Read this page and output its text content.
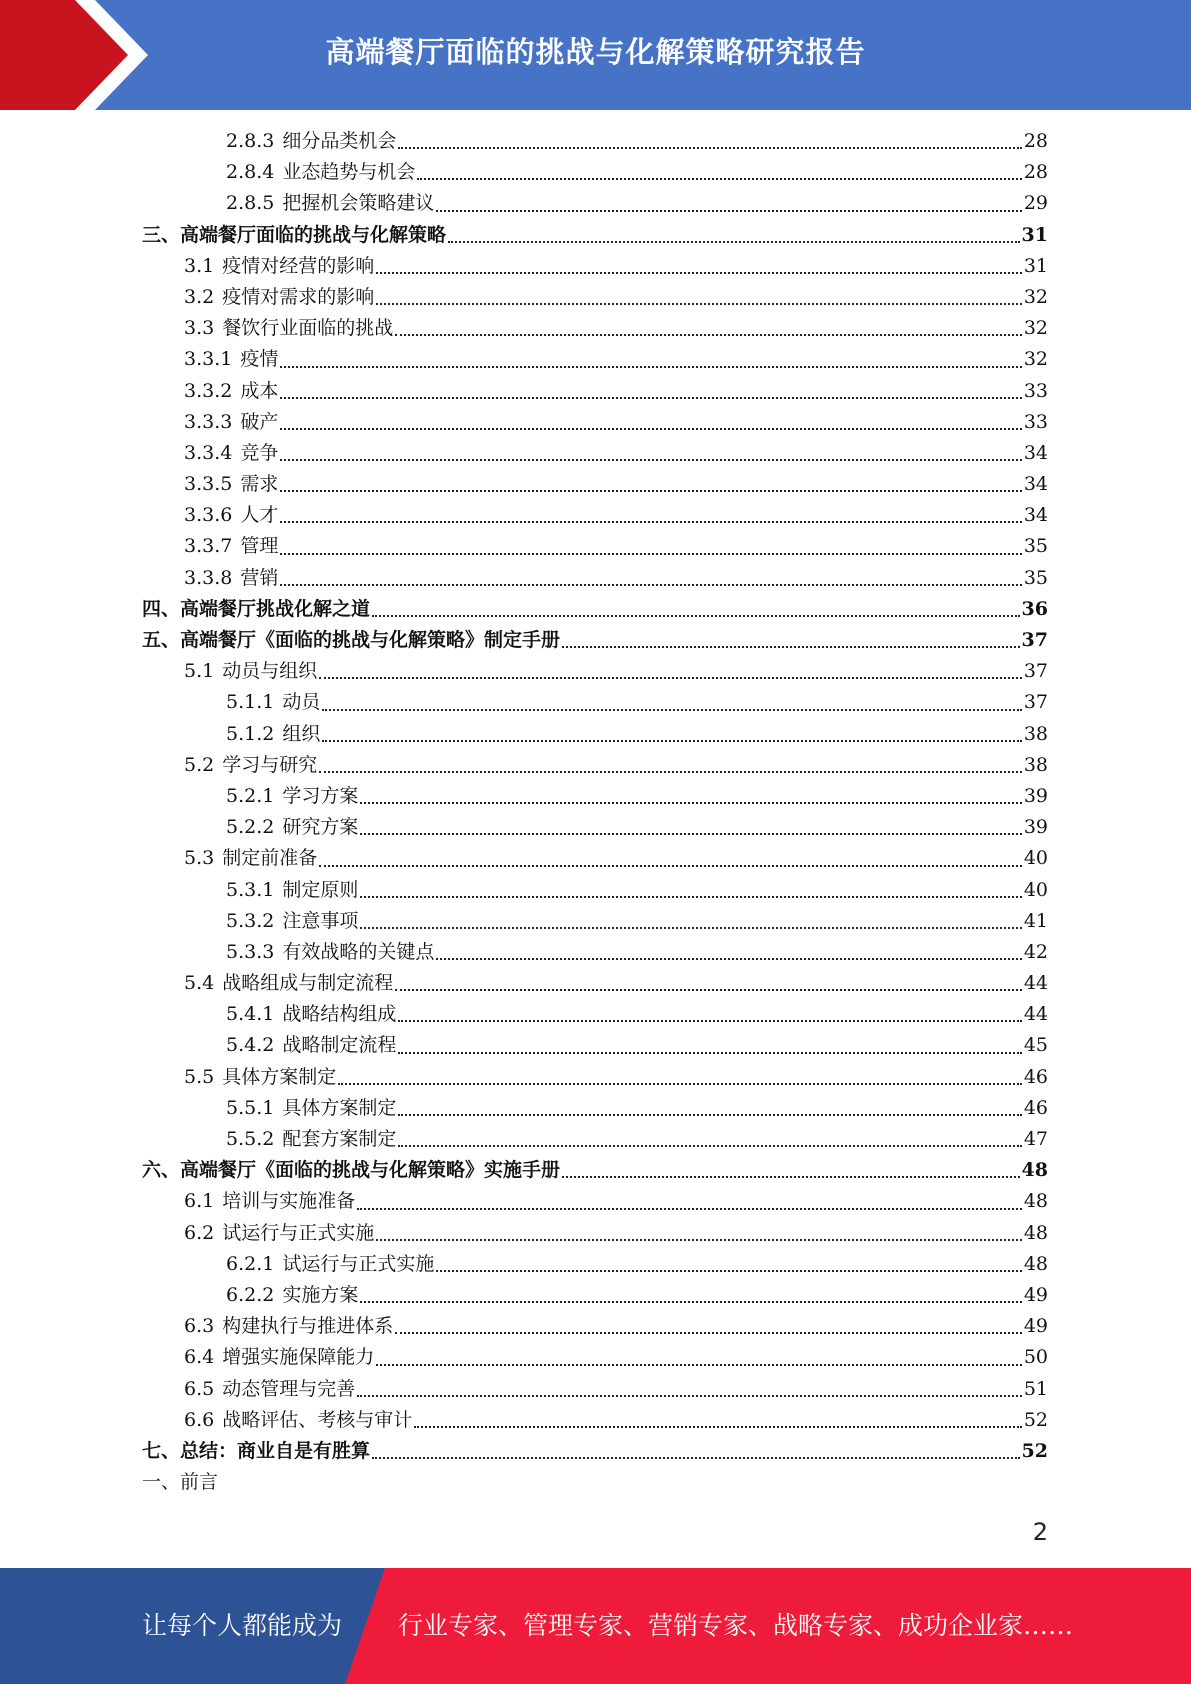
高端餐厅面临的挑战与化解策略研究报告
2.8.3 细分品类机会	28
2.8.4 业态趋势与机会	28
2.8.5 把握机会策略建议	29
三、高端餐厅面临的挑战与化解策略	31
3.1 疫情对经营的影响	31
3.2 疫情对需求的影响	32
3.3 餐饮行业面临的挑战	32
3.3.1 疫情	32
3.3.2 成本	33
3.3.3 破产	33
3.3.4 竞争	34
3.3.5 需求	34
3.3.6 人才	34
3.3.7 管理	35
3.3.8 营销	35
四、高端餐厅挑战化解之道	36
五、高端餐厅《面临的挑战与化解策略》制定手册	37
5.1 动员与组织	37
5.1.1 动员	37
5.1.2 组织	38
5.2 学习与研究	38
5.2.1 学习方案	39
5.2.2 研究方案	39
5.3 制定前准备	40
5.3.1 制定原则	40
5.3.2 注意事项	41
5.3.3 有效战略的关键点	42
5.4 战略组成与制定流程	44
5.4.1 战略结构组成	44
5.4.2 战略制定流程	45
5.5 具体方案制定	46
5.5.1 具体方案制定	46
5.5.2 配套方案制定	47
六、高端餐厅《面临的挑战与化解策略》实施手册	48
6.1 培训与实施准备	48
6.2 试运行与正式实施	48
6.2.1 试运行与正式实施	48
6.2.2 实施方案	49
6.3 构建执行与推进体系	49
6.4 增强实施保障能力	50
6.5 动态管理与完善	51
6.6 战略评估、考核与审计	52
七、总结：商业自是有胜算	52
一、前言
2
让每个人都能成为 行业专家、管理专家、营销专家、战略专家、成功企业家……
